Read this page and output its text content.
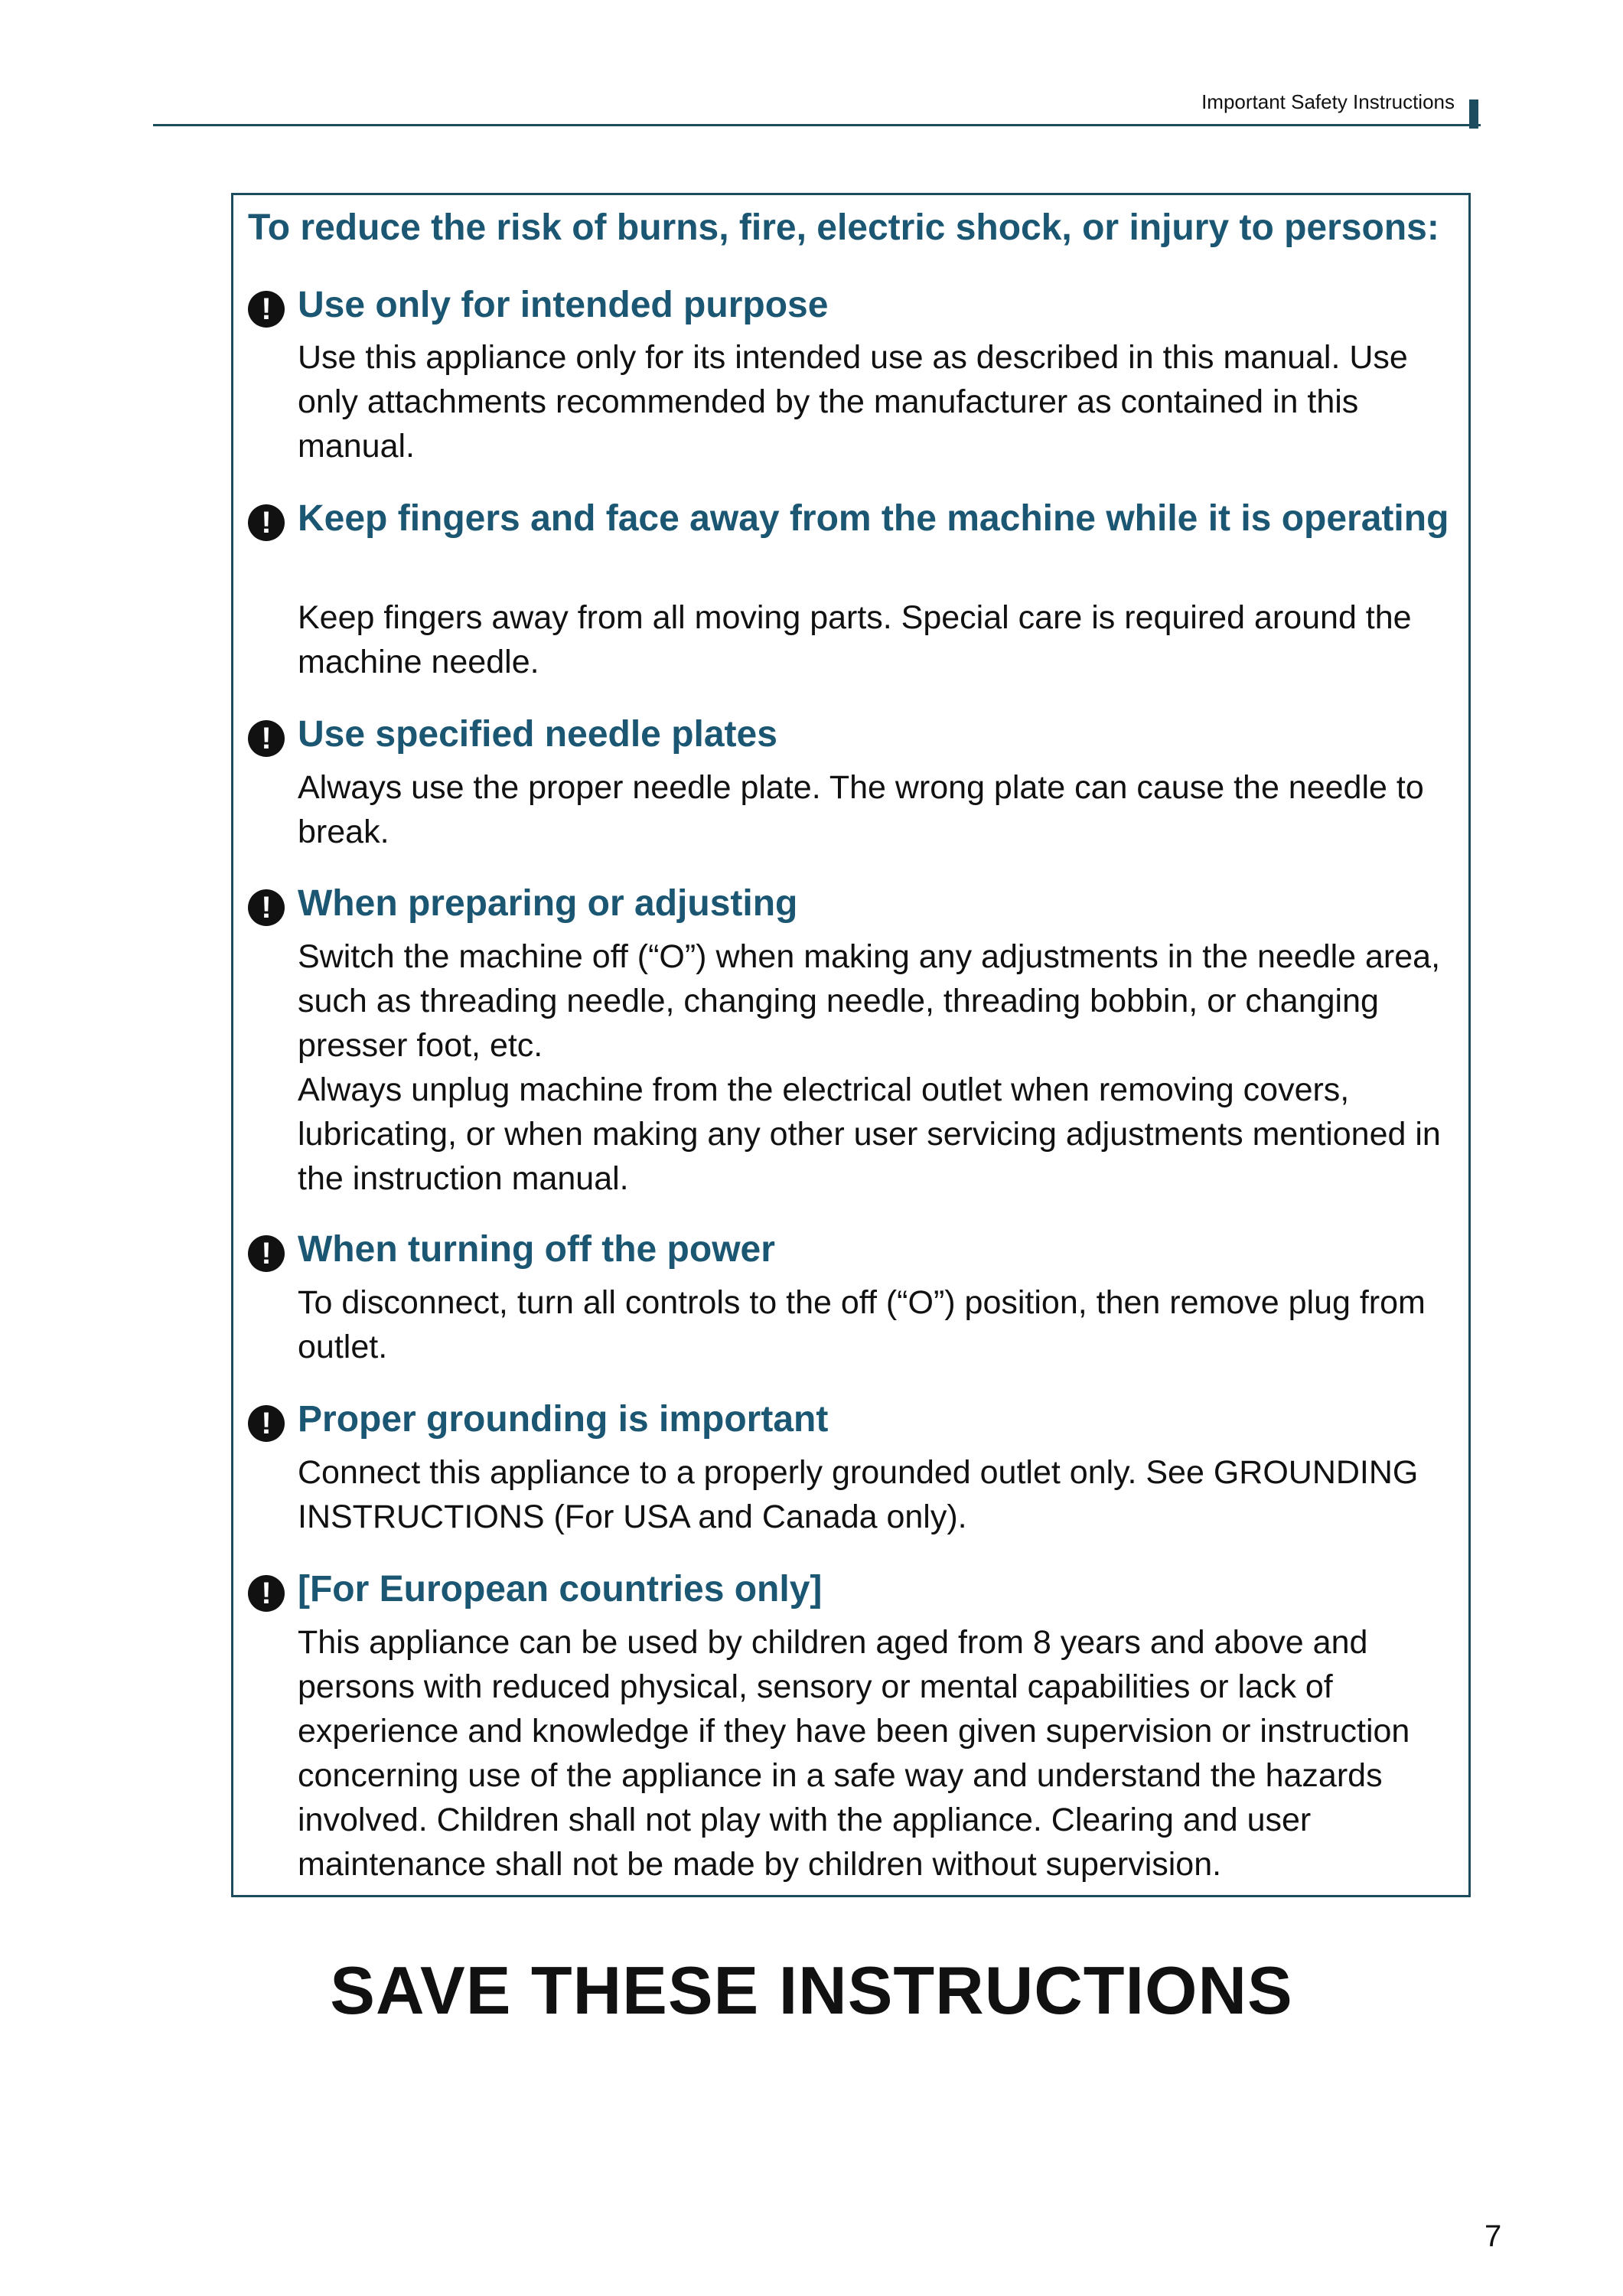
Important Safety Instructions
To reduce the risk of burns, fire, electric shock, or injury to persons:
! Use only for intended purpose

Use this appliance only for its intended use as described in this manual. Use only attachments recommended by the manufacturer as contained in this manual.

! Keep fingers and face away from the machine while it is operating

Keep fingers away from all moving parts. Special care is required around the machine needle.

! Use specified needle plates

Always use the proper needle plate. The wrong plate can cause the needle to break.

! When preparing or adjusting

Switch the machine off (“O”) when making any adjustments in the needle area, such as threading needle, changing needle, threading bobbin, or changing presser foot, etc.

Always unplug machine from the electrical outlet when removing covers, lubricating, or when making any other user servicing adjustments mentioned in the instruction manual.

! When turning off the power

To disconnect, turn all controls to the off (“O”) position, then remove plug from outlet.

! Proper grounding is important

Connect this appliance to a properly grounded outlet only. See GROUNDING INSTRUCTIONS (For USA and Canada only).

! [For European countries only]

This appliance can be used by children aged from 8 years and above and persons with reduced physical, sensory or mental capabilities or lack of experience and knowledge if they have been given supervision or instruction concerning use of the appliance in a safe way and understand the hazards involved. Children shall not play with the appliance. Clearing and user maintenance shall not be made by children without supervision.

SAVE THESE INSTRUCTIONS
7
